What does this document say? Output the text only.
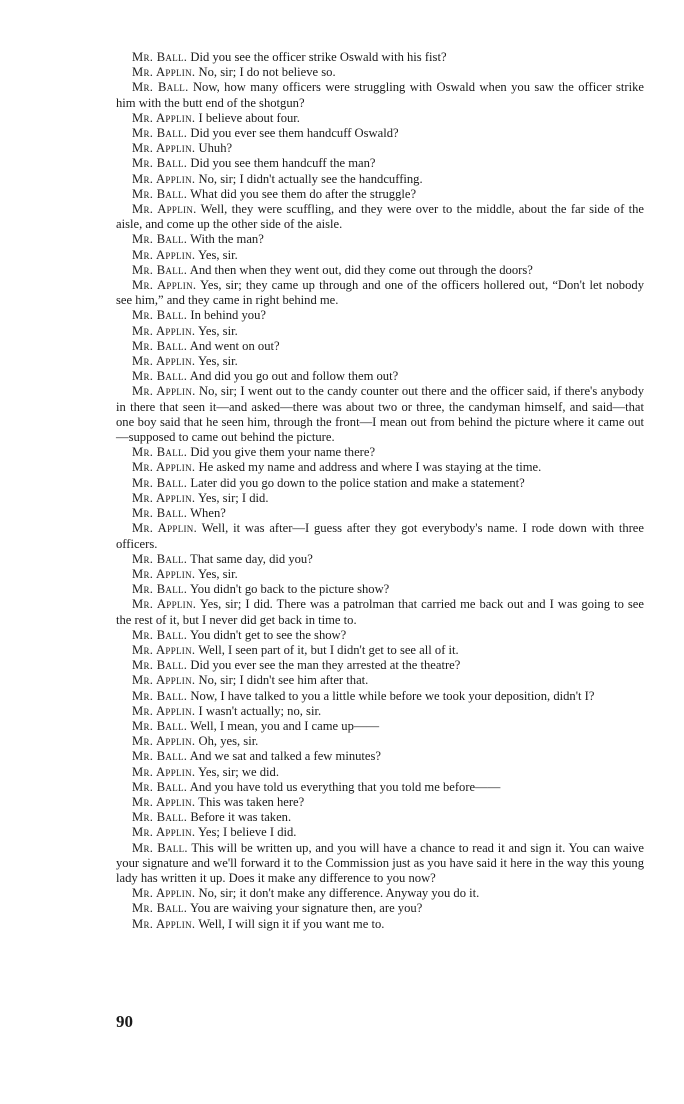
Mr. Ball. Did you see the officer strike Oswald with his fist?

Mr. Applin. No, sir; I do not believe so.

Mr. Ball. Now, how many officers were struggling with Oswald when you saw the officer strike him with the butt end of the shotgun?

Mr. Applin. I believe about four.

Mr. Ball. Did you ever see them handcuff Oswald?

Mr. Applin. Uhuh?

Mr. Ball. Did you see them handcuff the man?

Mr. Applin. No, sir; I didn't actually see the handcuffing.

Mr. Ball. What did you see them do after the struggle?

Mr. Applin. Well, they were scuffling, and they were over to the middle, about the far side of the aisle, and come up the other side of the aisle.

Mr. Ball. With the man?

Mr. Applin. Yes, sir.

Mr. Ball. And then when they went out, did they come out through the doors?

Mr. Applin. Yes, sir; they came up through and one of the officers hollered out, “Don't let nobody see him,” and they came in right behind me.

Mr. Ball. In behind you?

Mr. Applin. Yes, sir.

Mr. Ball. And went on out?

Mr. Applin. Yes, sir.

Mr. Ball. And did you go out and follow them out?

Mr. Applin. No, sir; I went out to the candy counter out there and the officer said, if there's anybody in there that seen it—and asked—there was about two or three, the candyman himself, and said—that one boy said that he seen him, through the front—I mean out from behind the picture where it came out—supposed to came out behind the picture.

Mr. Ball. Did you give them your name there?

Mr. Applin. He asked my name and address and where I was staying at the time.

Mr. Ball. Later did you go down to the police station and make a statement?

Mr. Applin. Yes, sir; I did.

Mr. Ball. When?

Mr. Applin. Well, it was after—I guess after they got everybody's name. I rode down with three officers.

Mr. Ball. That same day, did you?

Mr. Applin. Yes, sir.

Mr. Ball. You didn't go back to the picture show?

Mr. Applin. Yes, sir; I did. There was a patrolman that carried me back out and I was going to see the rest of it, but I never did get back in time to.

Mr. Ball. You didn't get to see the show?

Mr. Applin. Well, I seen part of it, but I didn't get to see all of it.

Mr. Ball. Did you ever see the man they arrested at the theatre?

Mr. Applin. No, sir; I didn't see him after that.

Mr. Ball. Now, I have talked to you a little while before we took your deposition, didn't I?

Mr. Applin. I wasn't actually; no, sir.

Mr. Ball. Well, I mean, you and I came up——

Mr. Applin. Oh, yes, sir.

Mr. Ball. And we sat and talked a few minutes?

Mr. Applin. Yes, sir; we did.

Mr. Ball. And you have told us everything that you told me before——

Mr. Applin. This was taken here?

Mr. Ball. Before it was taken.

Mr. Applin. Yes; I believe I did.

Mr. Ball. This will be written up, and you will have a chance to read it and sign it. You can waive your signature and we'll forward it to the Commission just as you have said it here in the way this young lady has written it up. Does it make any difference to you now?

Mr. Applin. No, sir; it don't make any difference. Anyway you do it.

Mr. Ball. You are waiving your signature then, are you?

Mr. Applin. Well, I will sign it if you want me to.

90
